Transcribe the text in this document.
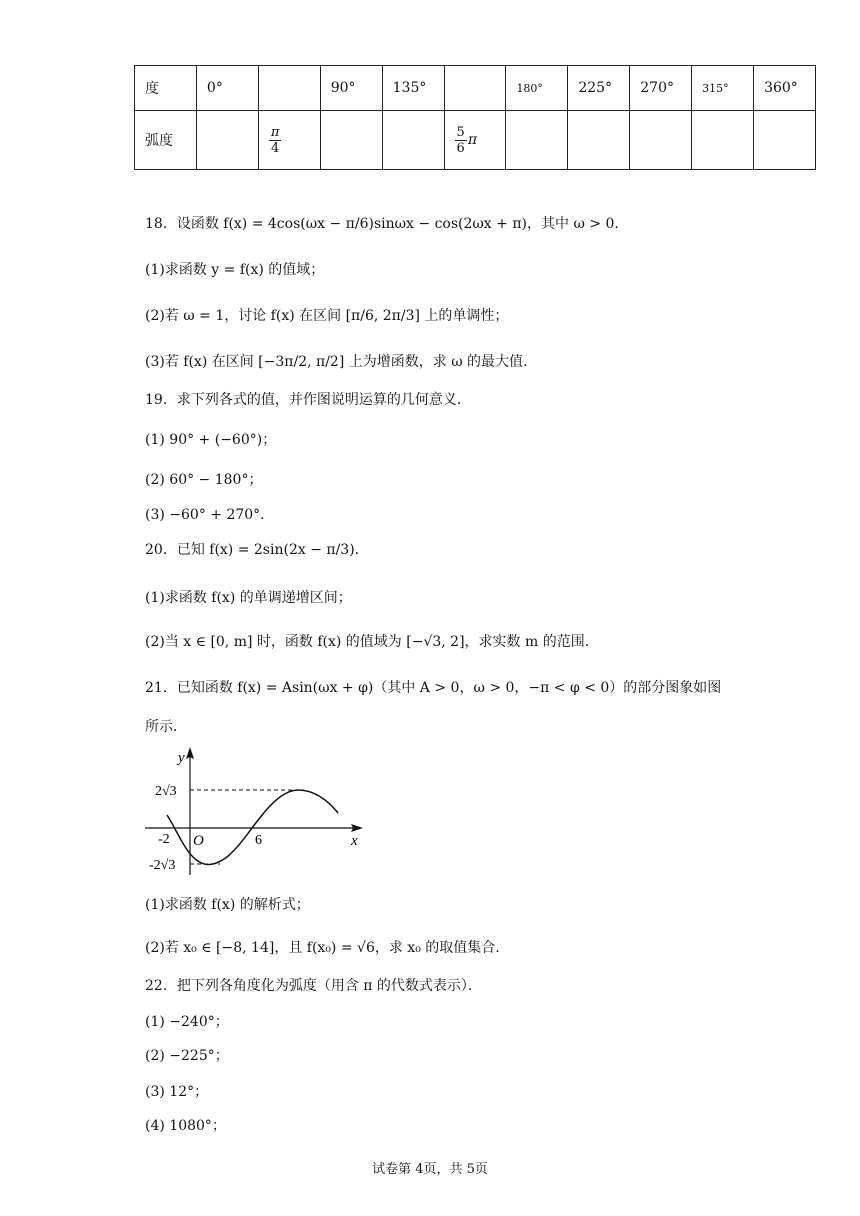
度	0°		90°	135°		180°	225°	270°	315°	360°
弧度		$\frac{\pi}{4}$			$\frac{5}{6}$ π					
18．设函数 f(x) = 4cos(ωx − π/6)sinωx − cos(2ωx + π)，其中 ω > 0．
(1)求函数 y = f(x) 的值域；
(2)若 ω = 1，讨论 f(x) 在区间 [π/6, 2π/3] 上的单调性；
(3)若 f(x) 在区间 [−3π/2, π/2] 上为增函数，求 ω 的最大值.
19．求下列各式的值，并作图说明运算的几何意义．
(1) 90° + (−60°)；
(2) 60° − 180°；
(3) −60° + 270°．
20．已知 f(x) = 2sin(2x − π/3)．
(1)求函数 f(x) 的单调递增区间；
(2)当 x ∈ [0, m] 时，函数 f(x) 的值域为 [−√3, 2]，求实数 m 的范围.
21．已知函数 f(x) = Asin(ωx + φ)（其中 A > 0，ω > 0，−π < φ < 0）的部分图象如图
所示．
y
x
O
2√3
-2√3
-2	6
(1)求函数 f(x) 的解析式；
(2)若 x₀ ∈ [−8, 14]，且 f(x₀) = √6，求 x₀ 的取值集合.
22．把下列各角度化为弧度（用含 π 的代数式表示）．
(1) −240°；
(2) −225°；
(3) 12°；
(4) 1080°；
试卷第 4页，共 5页
